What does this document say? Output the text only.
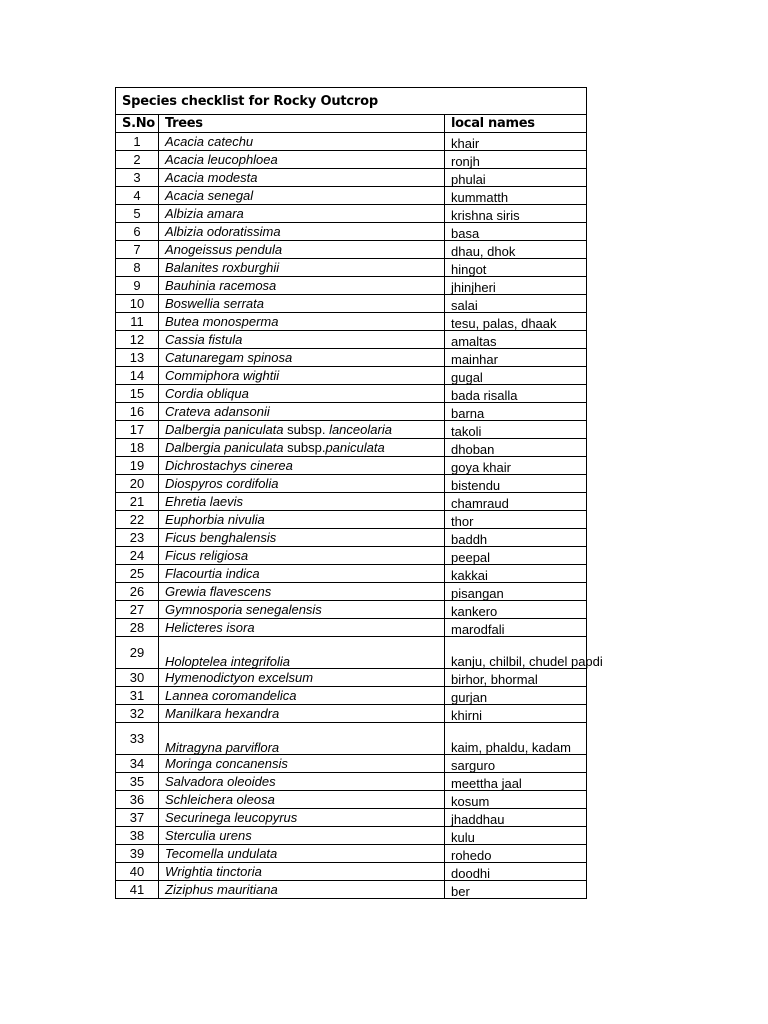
Species checklist for Rocky Outcrop		
S.No	Trees	local names
1	Acacia catechu	khair
2	Acacia leucophloea	ronjh
3	Acacia modesta	phulai
4	Acacia senegal	kummatth
5	Albizia amara	krishna siris
6	Albizia odoratissima	basa
7	Anogeissus pendula	dhau, dhok
8	Balanites roxburghii	hingot
9	Bauhinia racemosa	jhinjheri
10	Boswellia serrata	salai
11	Butea monosperma	tesu, palas, dhaak
12	Cassia fistula	amaltas
13	Catunaregam spinosa	mainhar
14	Commiphora wightii	gugal
15	Cordia obliqua	bada risalla
16	Crateva adansonii	barna
17	Dalbergia paniculata subsp. lanceolaria	takoli
18	Dalbergia paniculata subsp.paniculata	dhoban
19	Dichrostachys cinerea	goya khair
20	Diospyros cordifolia	bistendu
21	Ehretia laevis	chamraud
22	Euphorbia nivulia	thor
23	Ficus benghalensis	baddh
24	Ficus religiosa	peepal
25	Flacourtia indica	kakkai
26	Grewia flavescens	pisangan
27	Gymnosporia senegalensis	kankero
28	Helicteres isora	marodfali
29	Holoptelea integrifolia	kanju, chilbil, chudel papdi
30	Hymenodictyon excelsum	birhor, bhormal
31	Lannea coromandelica	gurjan
32	Manilkara hexandra	khirni
33	Mitragyna parviflora	kaim, phaldu, kadam
34	Moringa concanensis	sarguro
35	Salvadora oleoides	meettha jaal
36	Schleichera oleosa	kosum
37	Securinega leucopyrus	jhaddhau
38	Sterculia urens	kulu
39	Tecomella undulata	rohedo
40	Wrightia tinctoria	doodhi
41	Ziziphus mauritiana	ber
